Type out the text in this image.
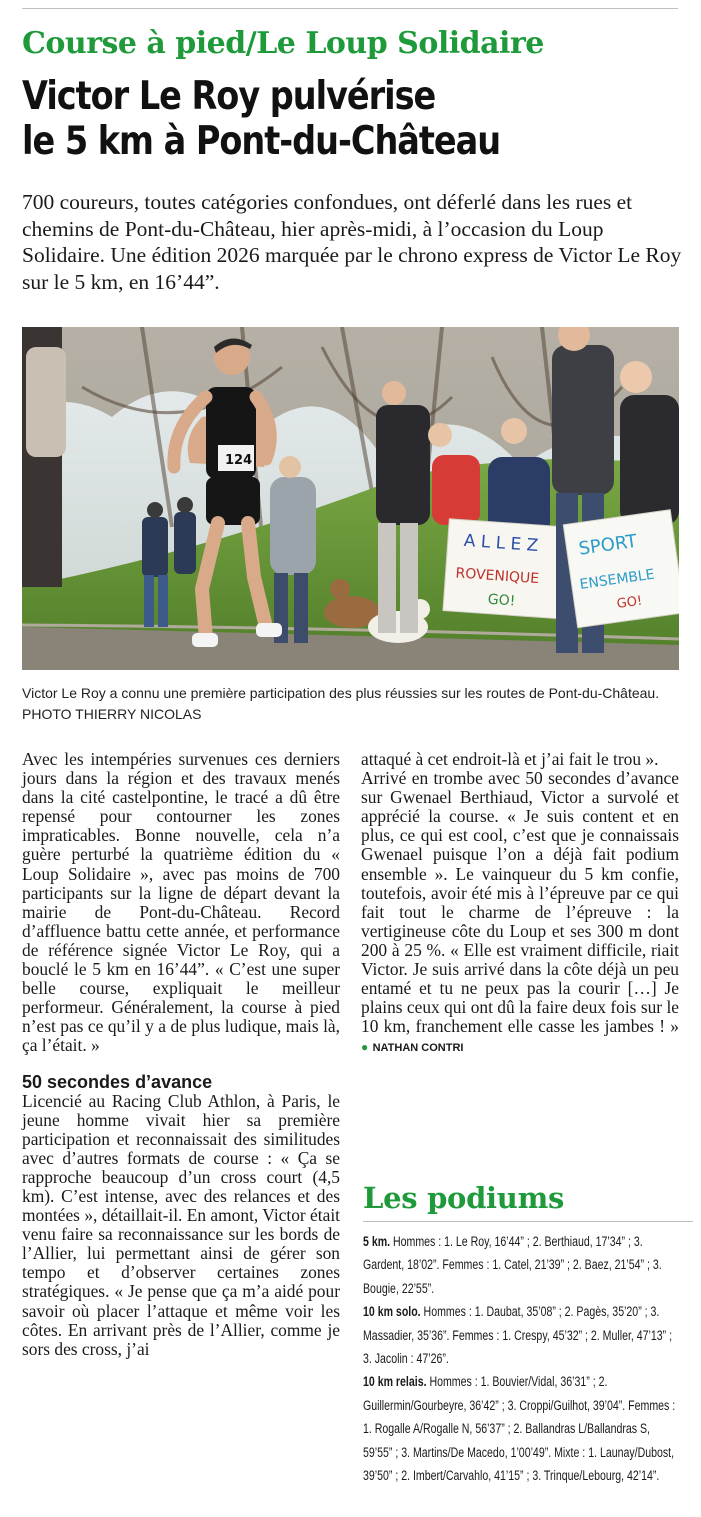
Course à pied/Le Loup Solidaire
Victor Le Roy pulvérise
le 5 km à Pont-du-Château
700 coureurs, toutes catégories confondues, ont déferlé dans les rues et chemins de Pont-du-Château, hier après-midi, à l’occasion du Loup Solidaire. Une édition 2026 marquée par le chrono express de Victor Le Roy sur le 5 km, en 16’44”.
A L L E Z
ROVENIQUE
GO!
SPORT
ENSEMBLE
GO!
124
Victor Le Roy a connu une première participation des plus réussies sur les routes de Pont-du-Château. PHOTO THIERRY NICOLAS

Avec les intempéries survenues ces derniers jours dans la région et des travaux menés dans la cité castelpontine, le tracé a dû être repensé pour contourner les zones impraticables. Bonne nouvelle, cela n’a guère perturbé la quatrième édition du « Loup Solidaire », avec pas moins de 700 participants sur la ligne de départ devant la mairie de Pont-du-Château. Record d’affluence battu cette année, et performance de référence signée Victor Le Roy, qui a bouclé le 5 km en 16’44”. « C’est une super belle course, expliquait le meilleur performeur. Généralement, la course à pied n’est pas ce qu’il y a de plus ludique, mais là, ça l’était. »

50 secondes d’avance

Licencié au Racing Club Athlon, à Paris, le jeune homme vivait hier sa première participation et reconnaissait des similitudes avec d’autres formats de course : « Ça se rapproche beaucoup d’un cross court (4,5 km). C’est intense, avec des relances et des montées », détaillait-il. En amont, Victor était venu faire sa reconnaissance sur les bords de l’Allier, lui permettant ainsi de gérer son tempo et d’observer certaines zones stratégiques. « Je pense que ça m’a aidé pour savoir où placer l’attaque et même voir les côtes. En arrivant près de l’Allier, comme je sors des cross, j’ai

attaqué à cet endroit-là et j’ai fait le trou ».

Arrivé en trombe avec 50 secondes d’avance sur Gwenael Berthiaud, Victor a survolé et apprécié la course. « Je suis content et en plus, ce qui est cool, c’est que je connaissais Gwenael puisque l’on a déjà fait podium ensemble ». Le vainqueur du 5 km confie, toutefois, avoir été mis à l’épreuve par ce qui fait tout le charme de l’épreuve : la vertigineuse côte du Loup et ses 300 m dont 200 à 25 %. « Elle est vraiment difficile, riait Victor. Je suis arrivé dans la côte déjà un peu entamé et tu ne peux pas la courir […] Je plains ceux qui ont dû la faire deux fois sur le 10 km, franchement elle casse les jambes ! » ● NATHAN CONTRI

Les podiums

5 km. Hommes : 1. Le Roy, 16’44” ; 2. Berthiaud, 17’34” ; 3. Gardent, 18’02”. Femmes : 1. Catel, 21’39” ; 2. Baez, 21’54” ; 3. Bougie, 22’55”.

10 km solo. Hommes : 1. Daubat, 35’08” ; 2. Pagès, 35’20” ; 3. Massadier, 35’36”. Femmes : 1. Crespy, 45’32” ; 2. Muller, 47’13” ; 3. Jacolin : 47’26”.

10 km relais. Hommes : 1. Bouvier/Vidal, 36’31” ; 2. Guillermin/Gourbeyre, 36’42” ; 3. Croppi/Guilhot, 39’04”. Femmes : 1. Rogalle A/Rogalle N, 56’37” ; 2. Ballandras L/Ballandras S, 59’55” ; 3. Martins/De Macedo, 1’00’49”. Mixte : 1. Launay/Dubost, 39’50” ; 2. Imbert/Carvahlo, 41’15” ; 3. Trinque/Lebourg, 42’14”.
